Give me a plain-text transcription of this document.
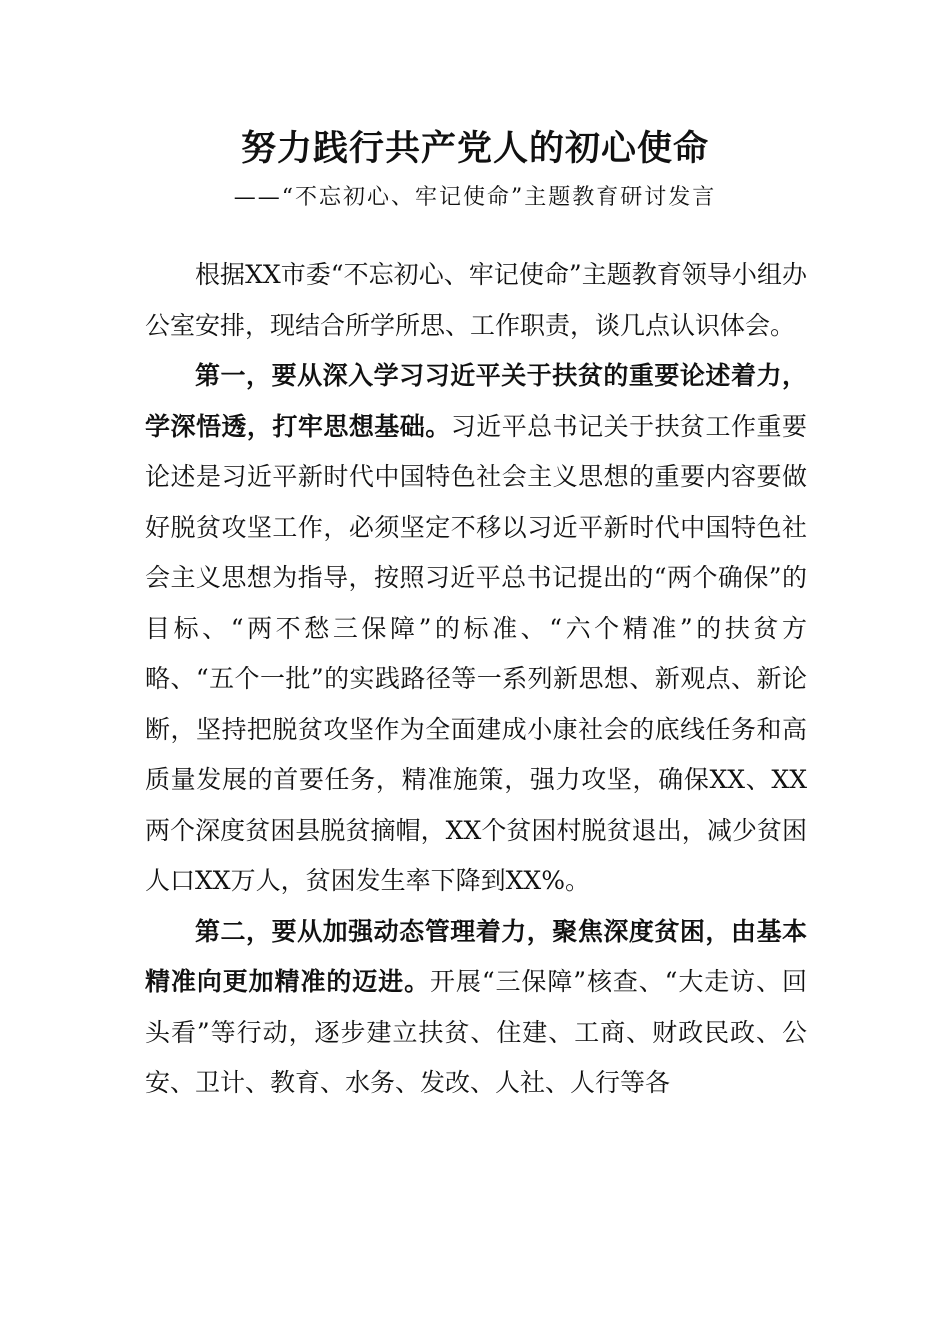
努力践行共产党人的初心使命
——“不忘初心、牢记使命”主题教育研讨发言

根据XX市委“不忘初心、牢记使命”主题教育领导小组办公室安排，现结合所学所思、工作职责，谈几点认识体会。

第一，要从深入学习习近平关于扶贫的重要论述着力，学深悟透，打牢思想基础。习近平总书记关于扶贫工作重要论述是习近平新时代中国特色社会主义思想的重要内容要做好脱贫攻坚工作，必须坚定不移以习近平新时代中国特色社会主义思想为指导，按照习近平总书记提出的“两个确保”的目标、“两不愁三保障”的标准、“六个精准”的扶贫方略、“五个一批”的实践路径等一系列新思想、新观点、新论断，坚持把脱贫攻坚作为全面建成小康社会的底线任务和高质量发展的首要任务，精准施策，强力攻坚，确保XX、XX两个深度贫困县脱贫摘帽，XX个贫困村脱贫退出，减少贫困人口XX万人，贫困发生率下降到XX%。

第二，要从加强动态管理着力，聚焦深度贫困，由基本精准向更加精准的迈进。开展“三保障”核查、“大走访、回头看”等行动，逐步建立扶贫、住建、工商、财政民政、公安、卫计、教育、水务、发改、人社、人行等各
